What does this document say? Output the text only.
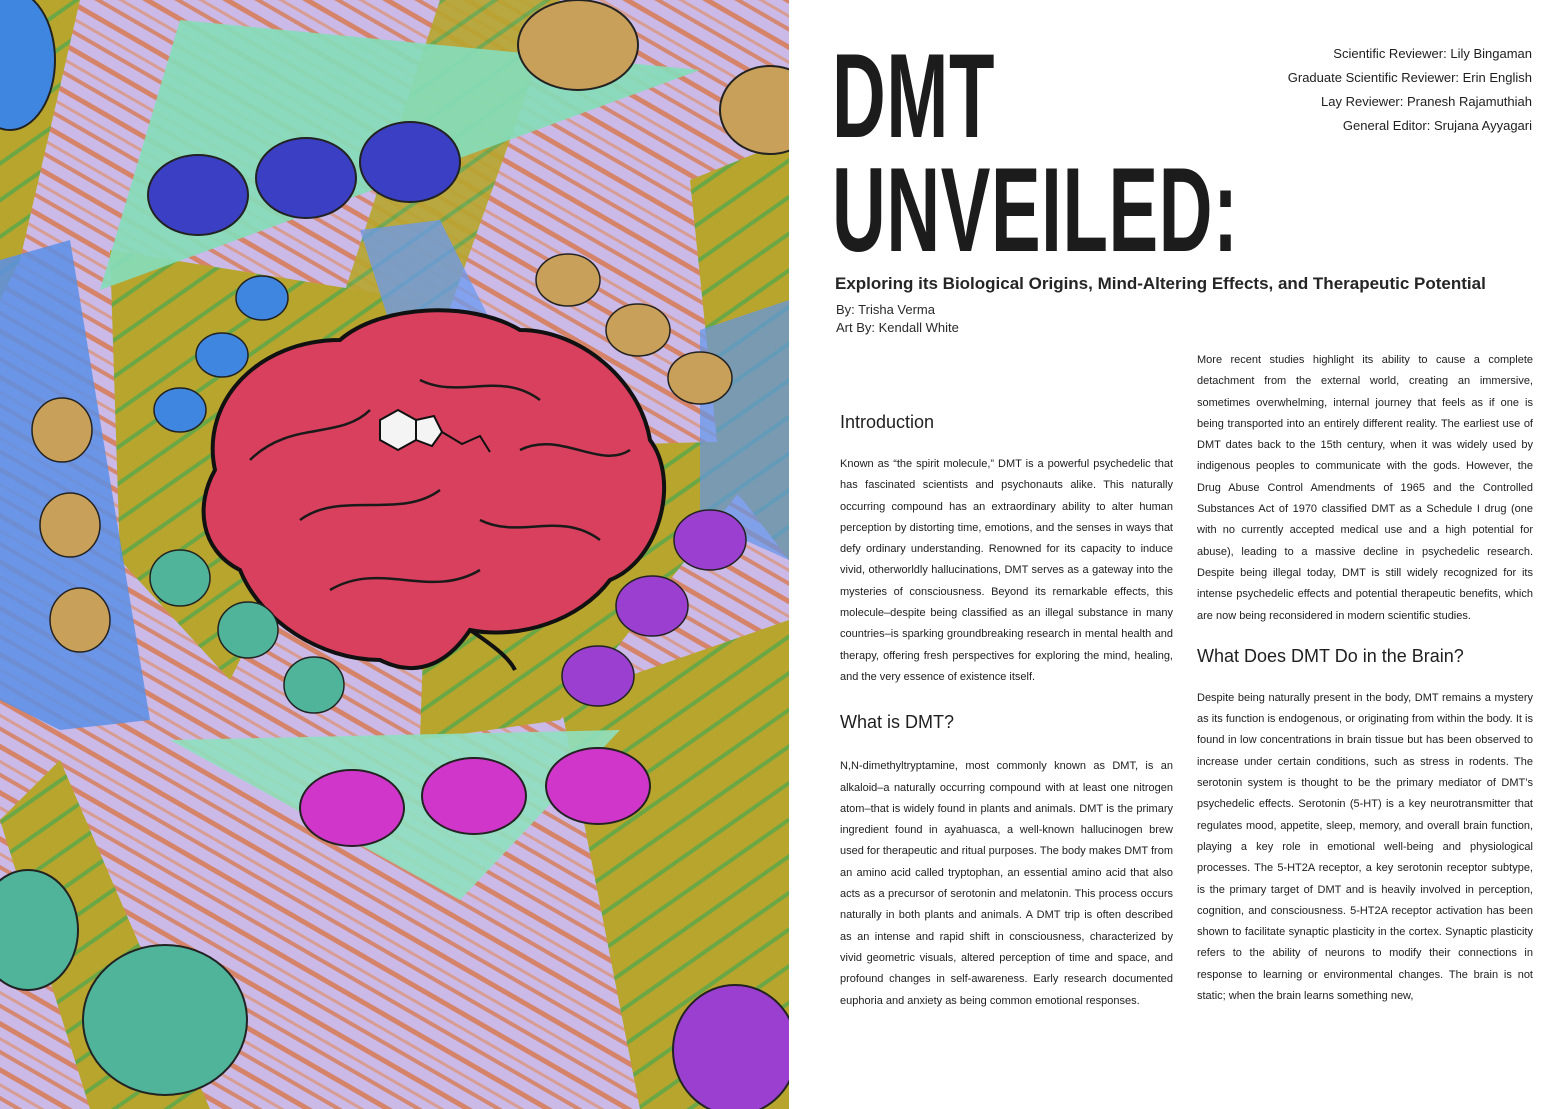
DMT
UNVEILED:
Scientific Reviewer: Lily Bingaman
Graduate Scientific Reviewer: Erin English
Lay Reviewer: Pranesh Rajamuthiah
General Editor: Srujana Ayyagari
Exploring its Biological Origins, Mind-Altering Effects, and Therapeutic Potential
By: Trisha Verma
Art By: Kendall White
Introduction

Known as “the spirit molecule,” DMT is a powerful psychedelic that has fascinated scientists and psychonauts alike. This naturally occurring compound has an extraordinary ability to alter human perception by distorting time, emotions, and the senses in ways that defy ordinary understanding. Renowned for its capacity to induce vivid, otherworldly hallucinations, DMT serves as a gateway into the mysteries of consciousness. Beyond its remarkable effects, this molecule–despite being classified as an illegal substance in many countries–is sparking groundbreaking research in mental health and therapy, offering fresh perspectives for exploring the mind, healing, and the very essence of existence itself.

What is DMT?

N,N-dimethyltryptamine, most commonly known as DMT, is an alkaloid–a naturally occurring compound with at least one nitrogen atom–that is widely found in plants and animals. DMT is the primary ingredient found in ayahuasca, a well-known hallucinogen brew used for therapeutic and ritual purposes. The body makes DMT from an amino acid called tryptophan, an essential amino acid that also acts as a precursor of serotonin and melatonin. This process occurs naturally in both plants and animals. A DMT trip is often described as an intense and rapid shift in consciousness, characterized by vivid geometric visuals, altered perception of time and space, and profound changes in self-awareness. Early research documented euphoria and anxiety as being common emotional responses.

More recent studies highlight its ability to cause a complete detachment from the external world, creating an immersive, sometimes overwhelming, internal journey that feels as if one is being transported into an entirely different reality. The earliest use of DMT dates back to the 15th century, when it was widely used by indigenous peoples to communicate with the gods. However, the Drug Abuse Control Amendments of 1965 and the Controlled Substances Act of 1970 classified DMT as a Schedule I drug (one with no currently accepted medical use and a high potential for abuse), leading to a massive decline in psychedelic research. Despite being illegal today, DMT is still widely recognized for its intense psychedelic effects and potential therapeutic benefits, which are now being reconsidered in modern scientific studies.

What Does DMT Do in the Brain?

Despite being naturally present in the body, DMT remains a mystery as its function is endogenous, or originating from within the body. It is found in low concentrations in brain tissue but has been observed to increase under certain conditions, such as stress in rodents. The serotonin system is thought to be the primary mediator of DMT’s psychedelic effects. Serotonin (5-HT) is a key neurotransmitter that regulates mood, appetite, sleep, memory, and overall brain function, playing a key role in emotional well-being and physiological processes. The 5-HT2A receptor, a key serotonin receptor subtype, is the primary target of DMT and is heavily involved in perception, cognition, and consciousness. 5-HT2A receptor activation has been shown to facilitate synaptic plasticity in the cortex. Synaptic plasticity refers to the ability of neurons to modify their connections in response to learning or environmental changes. The brain is not static; when the brain learns something new,
